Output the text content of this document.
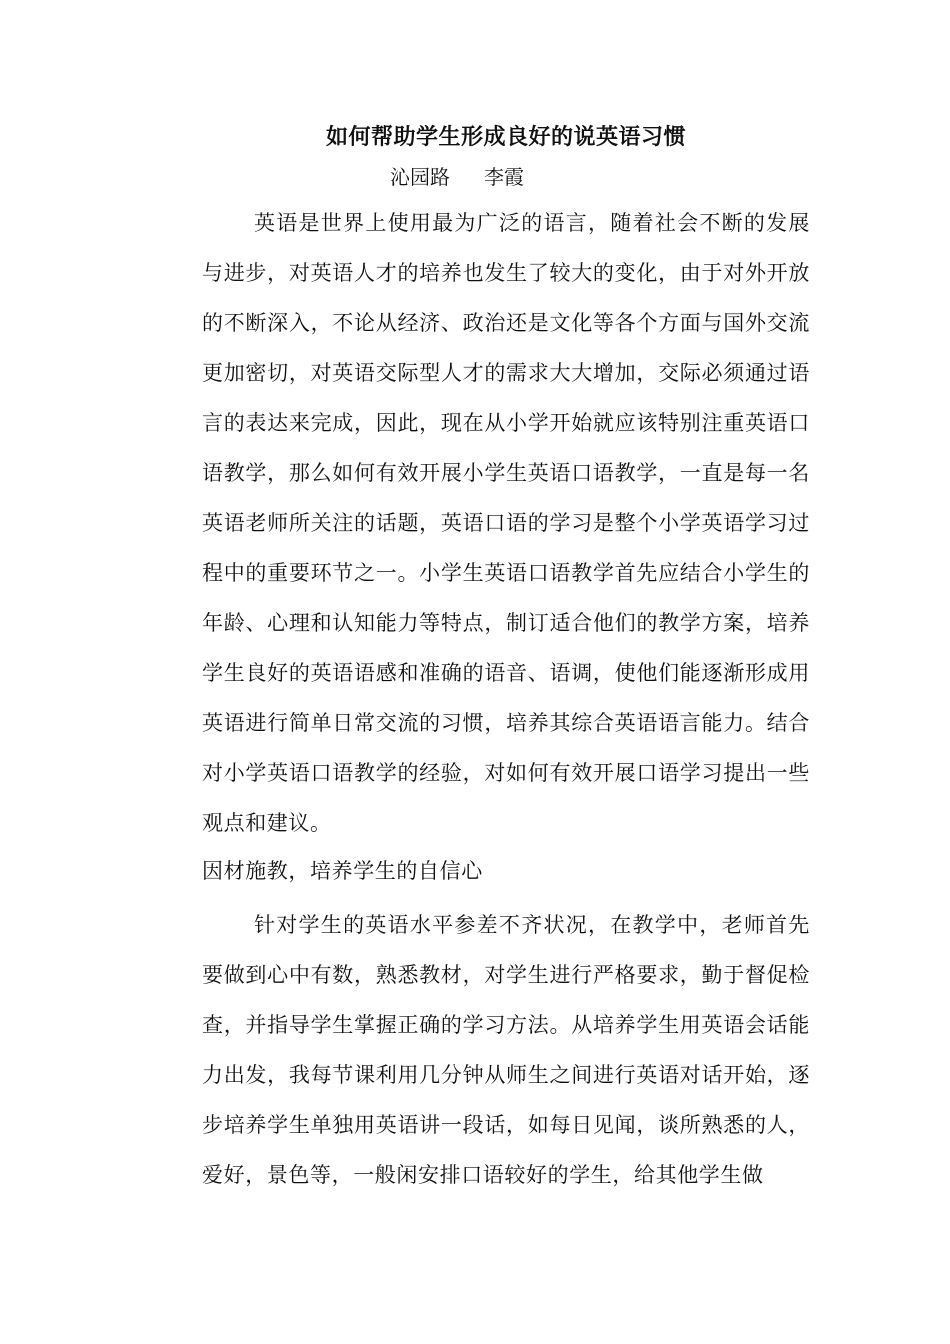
如何帮助学生形成良好的说英语习惯

沁园路 李霞

英语是世界上使用最为广泛的语言，随着社会不断的发展与进步，对英语人才的培养也发生了较大的变化，由于对外开放的不断深入，不论从经济、政治还是文化等各个方面与国外交流更加密切，对英语交际型人才的需求大大增加，交际必须通过语言的表达来完成，因此，现在从小学开始就应该特别注重英语口语教学，那么如何有效开展小学生英语口语教学，一直是每一名英语老师所关注的话题，英语口语的学习是整个小学英语学习过程中的重要环节之一。小学生英语口语教学首先应结合小学生的年龄、心理和认知能力等特点，制订适合他们的教学方案，培养学生良好的英语语感和准确的语音、语调，使他们能逐渐形成用英语进行简单日常交流的习惯，培养其综合英语语言能力。结合对小学英语口语教学的经验，对如何有效开展口语学习提出一些观点和建议。

因材施教，培养学生的自信心

针对学生的英语水平参差不齐状况，在教学中，老师首先要做到心中有数，熟悉教材，对学生进行严格要求，勤于督促检查，并指导学生掌握正确的学习方法。从培养学生用英语会话能力出发，我每节课利用几分钟从师生之间进行英语对话开始，逐步培养学生单独用英语讲一段话，如每日见闻，谈所熟悉的人，爱好，景色等，一般闲安排口语较好的学生，给其他学生做
